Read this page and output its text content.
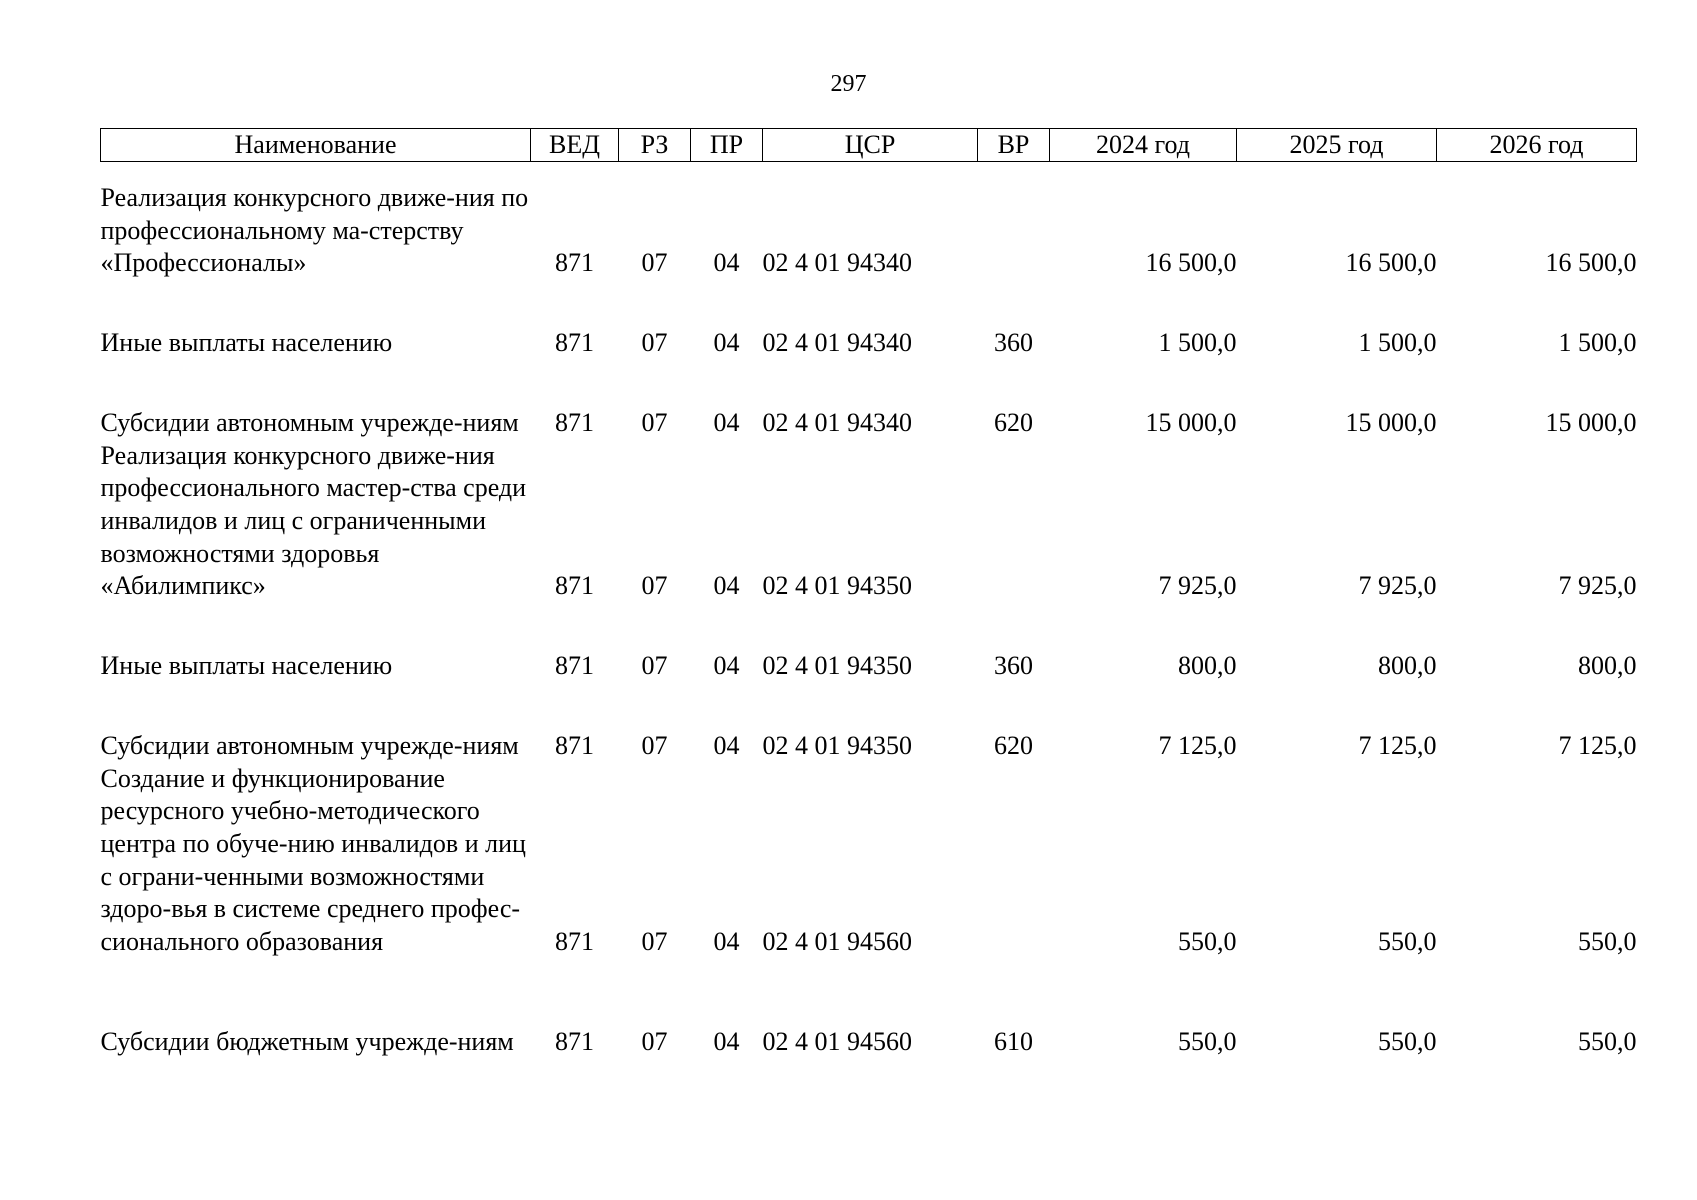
297
Наименование	ВЕД	РЗ	ПР	ЦСР	ВР	2024 год	2025 год	2026 год

Реализация конкурсного движе-ния по профессиональному ма-стерству «Профессионалы»	871	07	04	02 4 01 94340		16 500,0	16 500,0	16 500,0
Иные выплаты населению	871	07	04	02 4 01 94340	360	1 500,0	1 500,0	1 500,0
Субсидии автономным учрежде-ниям	871	07	04	02 4 01 94340	620	15 000,0	15 000,0	15 000,0
Реализация конкурсного движе-ния профессионального мастер-ства среди инвалидов и лиц с ограниченными возможностями здоровья «Абилимпикс»	871	07	04	02 4 01 94350		7 925,0	7 925,0	7 925,0
Иные выплаты населению	871	07	04	02 4 01 94350	360	800,0	800,0	800,0
Субсидии автономным учрежде-ниям	871	07	04	02 4 01 94350	620	7 125,0	7 125,0	7 125,0
Создание и функционирование ресурсного учебно-методического центра по обуче-нию инвалидов и лиц с ограни-ченными возможностями здоро-вья в системе среднего профес-сионального образования	871	07	04	02 4 01 94560		550,0	550,0	550,0
Субсидии бюджетным учрежде-ниям	871	07	04	02 4 01 94560	610	550,0	550,0	550,0
